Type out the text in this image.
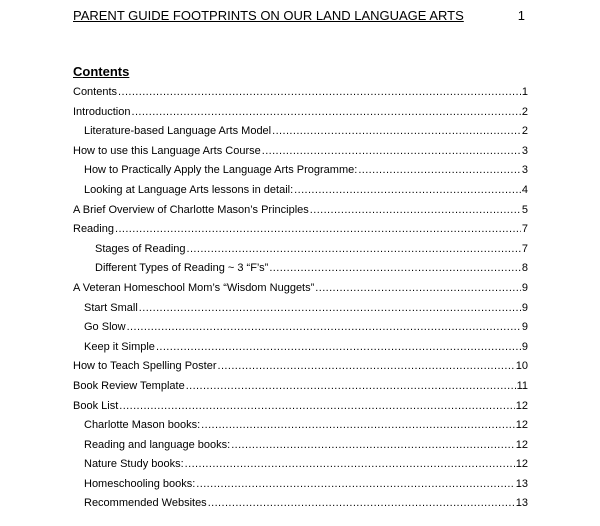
PARENT GUIDE FOOTPRINTS ON OUR LAND LANGUAGE ARTS	1
Contents
Contents .....	1
Introduction .....	2
Literature-based Language Arts Model .....	2
How to use this Language Arts Course .....	3
How to Practically Apply the Language Arts Programme: .....	3
Looking at Language Arts lessons in detail: .....	4
A Brief Overview of Charlotte Mason’s Principles .....	5
Reading .....	7
Stages of Reading .....	7
Different Types of Reading ~ 3 “F’s” .....	8
A Veteran Homeschool Mom’s “Wisdom Nuggets” .....	9
Start Small .....	9
Go Slow .....	9
Keep it Simple .....	9
How to Teach Spelling Poster .....	10
Book Review Template .....	11
Book List .....	12
Charlotte Mason books: .....	12
Reading and language books: .....	12
Nature Study books: .....	12
Homeschooling books: .....	13
Recommended Websites .....	13
